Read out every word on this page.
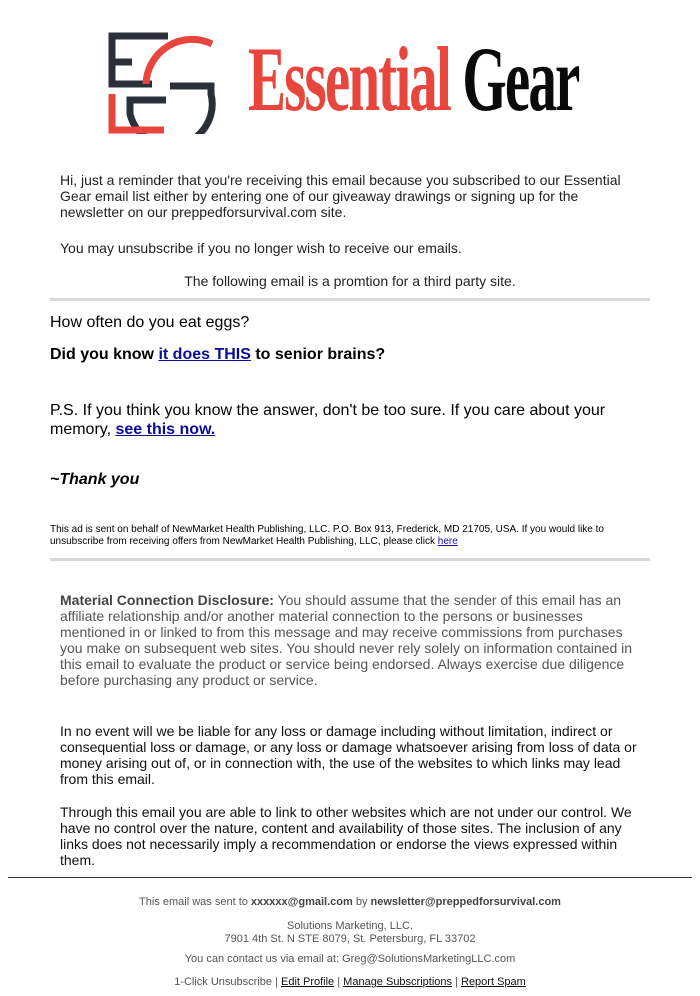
Essential Gear

Hi, just a reminder that you're receiving this email because you subscribed to our Essential Gear email list either by entering one of our giveaway drawings or signing up for the newsletter on our preppedforsurvival.com site.

You may unsubscribe if you no longer wish to receive our emails.

The following email is a promtion for a third party site.
How often do you eat eggs?
Did you know it does THIS to senior brains?
P.S. If you think you know the answer, don't be too sure. If you care about your memory, see this now.
~Thank you
This ad is sent on behalf of NewMarket Health Publishing, LLC. P.O. Box 913, Frederick, MD 21705, USA. If you would like to unsubscribe from receiving offers from NewMarket Health Publishing, LLC, please click here
Material Connection Disclosure: You should assume that the sender of this email has an affiliate relationship and/or another material connection to the persons or businesses mentioned in or linked to from this message and may receive commissions from purchases you make on subsequent web sites. You should never rely solely on information contained in this email to evaluate the product or service being endorsed. Always exercise due diligence before purchasing any product or service.
In no event will we be liable for any loss or damage including without limitation, indirect or consequential loss or damage, or any loss or damage whatsoever arising from loss of data or money arising out of, or in connection with, the use of the websites to which links may lead from this email.
Through this email you are able to link to other websites which are not under our control. We have no control over the nature, content and availability of those sites. The inclusion of any links does not necessarily imply a recommendation or endorse the views expressed within them.
This email was sent to xxxxxx@gmail.com by newsletter@preppedforsurvival.com
Solutions Marketing, LLC.
7901 4th St. N STE 8079, St. Petersburg, FL 33702
You can contact us via email at: Greg@SolutionsMarketingLLC.com
1-Click Unsubscribe | Edit Profile | Manage Subscriptions | Report Spam
